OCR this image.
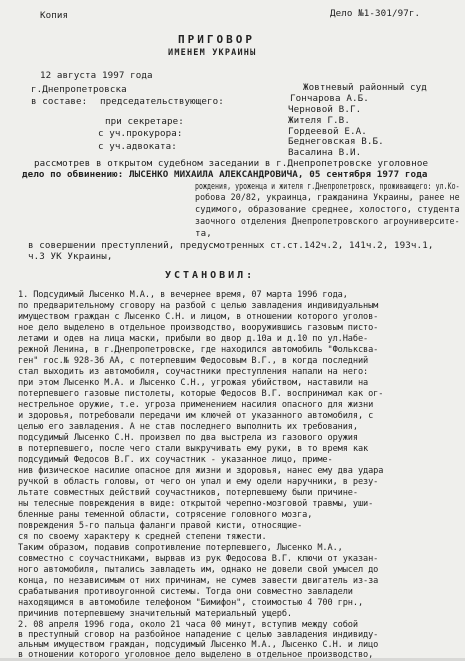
Копия	Дело №1-301/97г.
ПРИГОВОР
ИМЕНЕМ УКРАИНЫ
12 августа 1997 года
Жовтневый районный суд
г.Днепропетровска
в составе: председательствующего:	Гончарова А.Б.
Черновой В.Г.
Жителя Г.В.
при секретаре:
Гордеевой Е.А.
с уч.прокурора:
Беднеговская В.Б.
с уч.адвоката:
Васалина В.И.
рассмотрев в открытом судебном заседании в г.Днепропетровске уголовное
дело по обвинению: ЛЫСЕНКО МИХАИЛА АЛЕКСАНДРОВИЧА, 05 сентября 1977 года
рождения, уроженца и жителя г.Днепропетровск, проживающего: ул.Ко-
робова 20/82, украинца, гражданина Украины, ранее не
судимого, образование среднее, холостого, студента
заочного отделения Днепропетровского агроуниверсите-
та,
в совершении преступлений, предусмотренных ст.ст.142ч.2, 141ч.2, 193ч.1,
ч.3 УК Украины,
УСТАНОВИЛ:
1. Подсудимый Лысенко М.А., в вечернее время, 07 марта 1996 года,
по предварительному сговору на разбой с целью завладения индивидуальным
имуществом граждан с Лысенко С.Н. и лицом, в отношении которого уголов-
ное дело выделено в отдельное производство, вооружившись газовым писто-
летами и одев на лица маски, прибыли во двор д.10а и д.10 по ул.Набе-
режной Ленина, в г.Днепропетровске, где находился автомобиль "Фольксва-
ген" гос.№ 928-36 АА, с потерпевшим Федосовым В.Г., в когда последний
стал выходить из автомобиля, соучастники преступления напали на него:
при этом Лысенко М.А. и Лысенко С.Н., угрожая убийством, наставили на
потерпевшего газовые пистолеты, которые Федосов В.Г. воспринимал как ог-
нестрельное оружие, т.е. угроза применением насилия опасного для жизни
и здоровья, потребовали передачи им ключей от указанного автомобиля, с
целью его завладения. А не став последнего выполнить их требования,
подсудимый Лысенко С.Н. произвел по два выстрела из газового оружия
в потерпевшего, после чего стали выкручивать ему руки, в то время как
подсудимый Федосов В.Г. их соучастник - указанное лицо, приме-
нив физическое насилие опасное для жизни и здоровья, нанес ему два удара
ручкой в область головы, от чего он упал и ему одели наручники, в резу-
льтате совместных действий соучастников, потерпевшему были причине-
ны телесные повреждения в виде: открытой черепно-мозговой травмы, уши-
бленные раны теменной области, сотрясение головного мозга,
повреждения 5-го пальца фаланги правой кисти, относящие-
ся по своему характеру к средней степени тяжести.
Таким образом, подавив сопротивление потерпевшего, Лысенко М.А.,
совместно с соучастниками, вырвав из рук Федосова В.Г. ключи от указан-
ного автомобиля, пытались завладеть им, однако не довели свой умысел до
конца, по независимым от них причинам, не сумев завести двигатель из-за
срабатывания противоугонной системы. Тогда они совместно завладели
находящимся в автомобиле телефоном "Бимифон", стоимостью 4 700 грн.,
причинив потерпевшему значительный материальный ущерб.
2. 08 апреля 1996 года, около 21 часа 00 минут, вступив между собой
в преступный сговор на разбойное нападение с целью завладения индивиду-
альным имуществом граждан, подсудимый Лысенко М.А., Лысенко С.Н. и лицо
в отношении которого уголовное дело выделено в отдельное производство,
